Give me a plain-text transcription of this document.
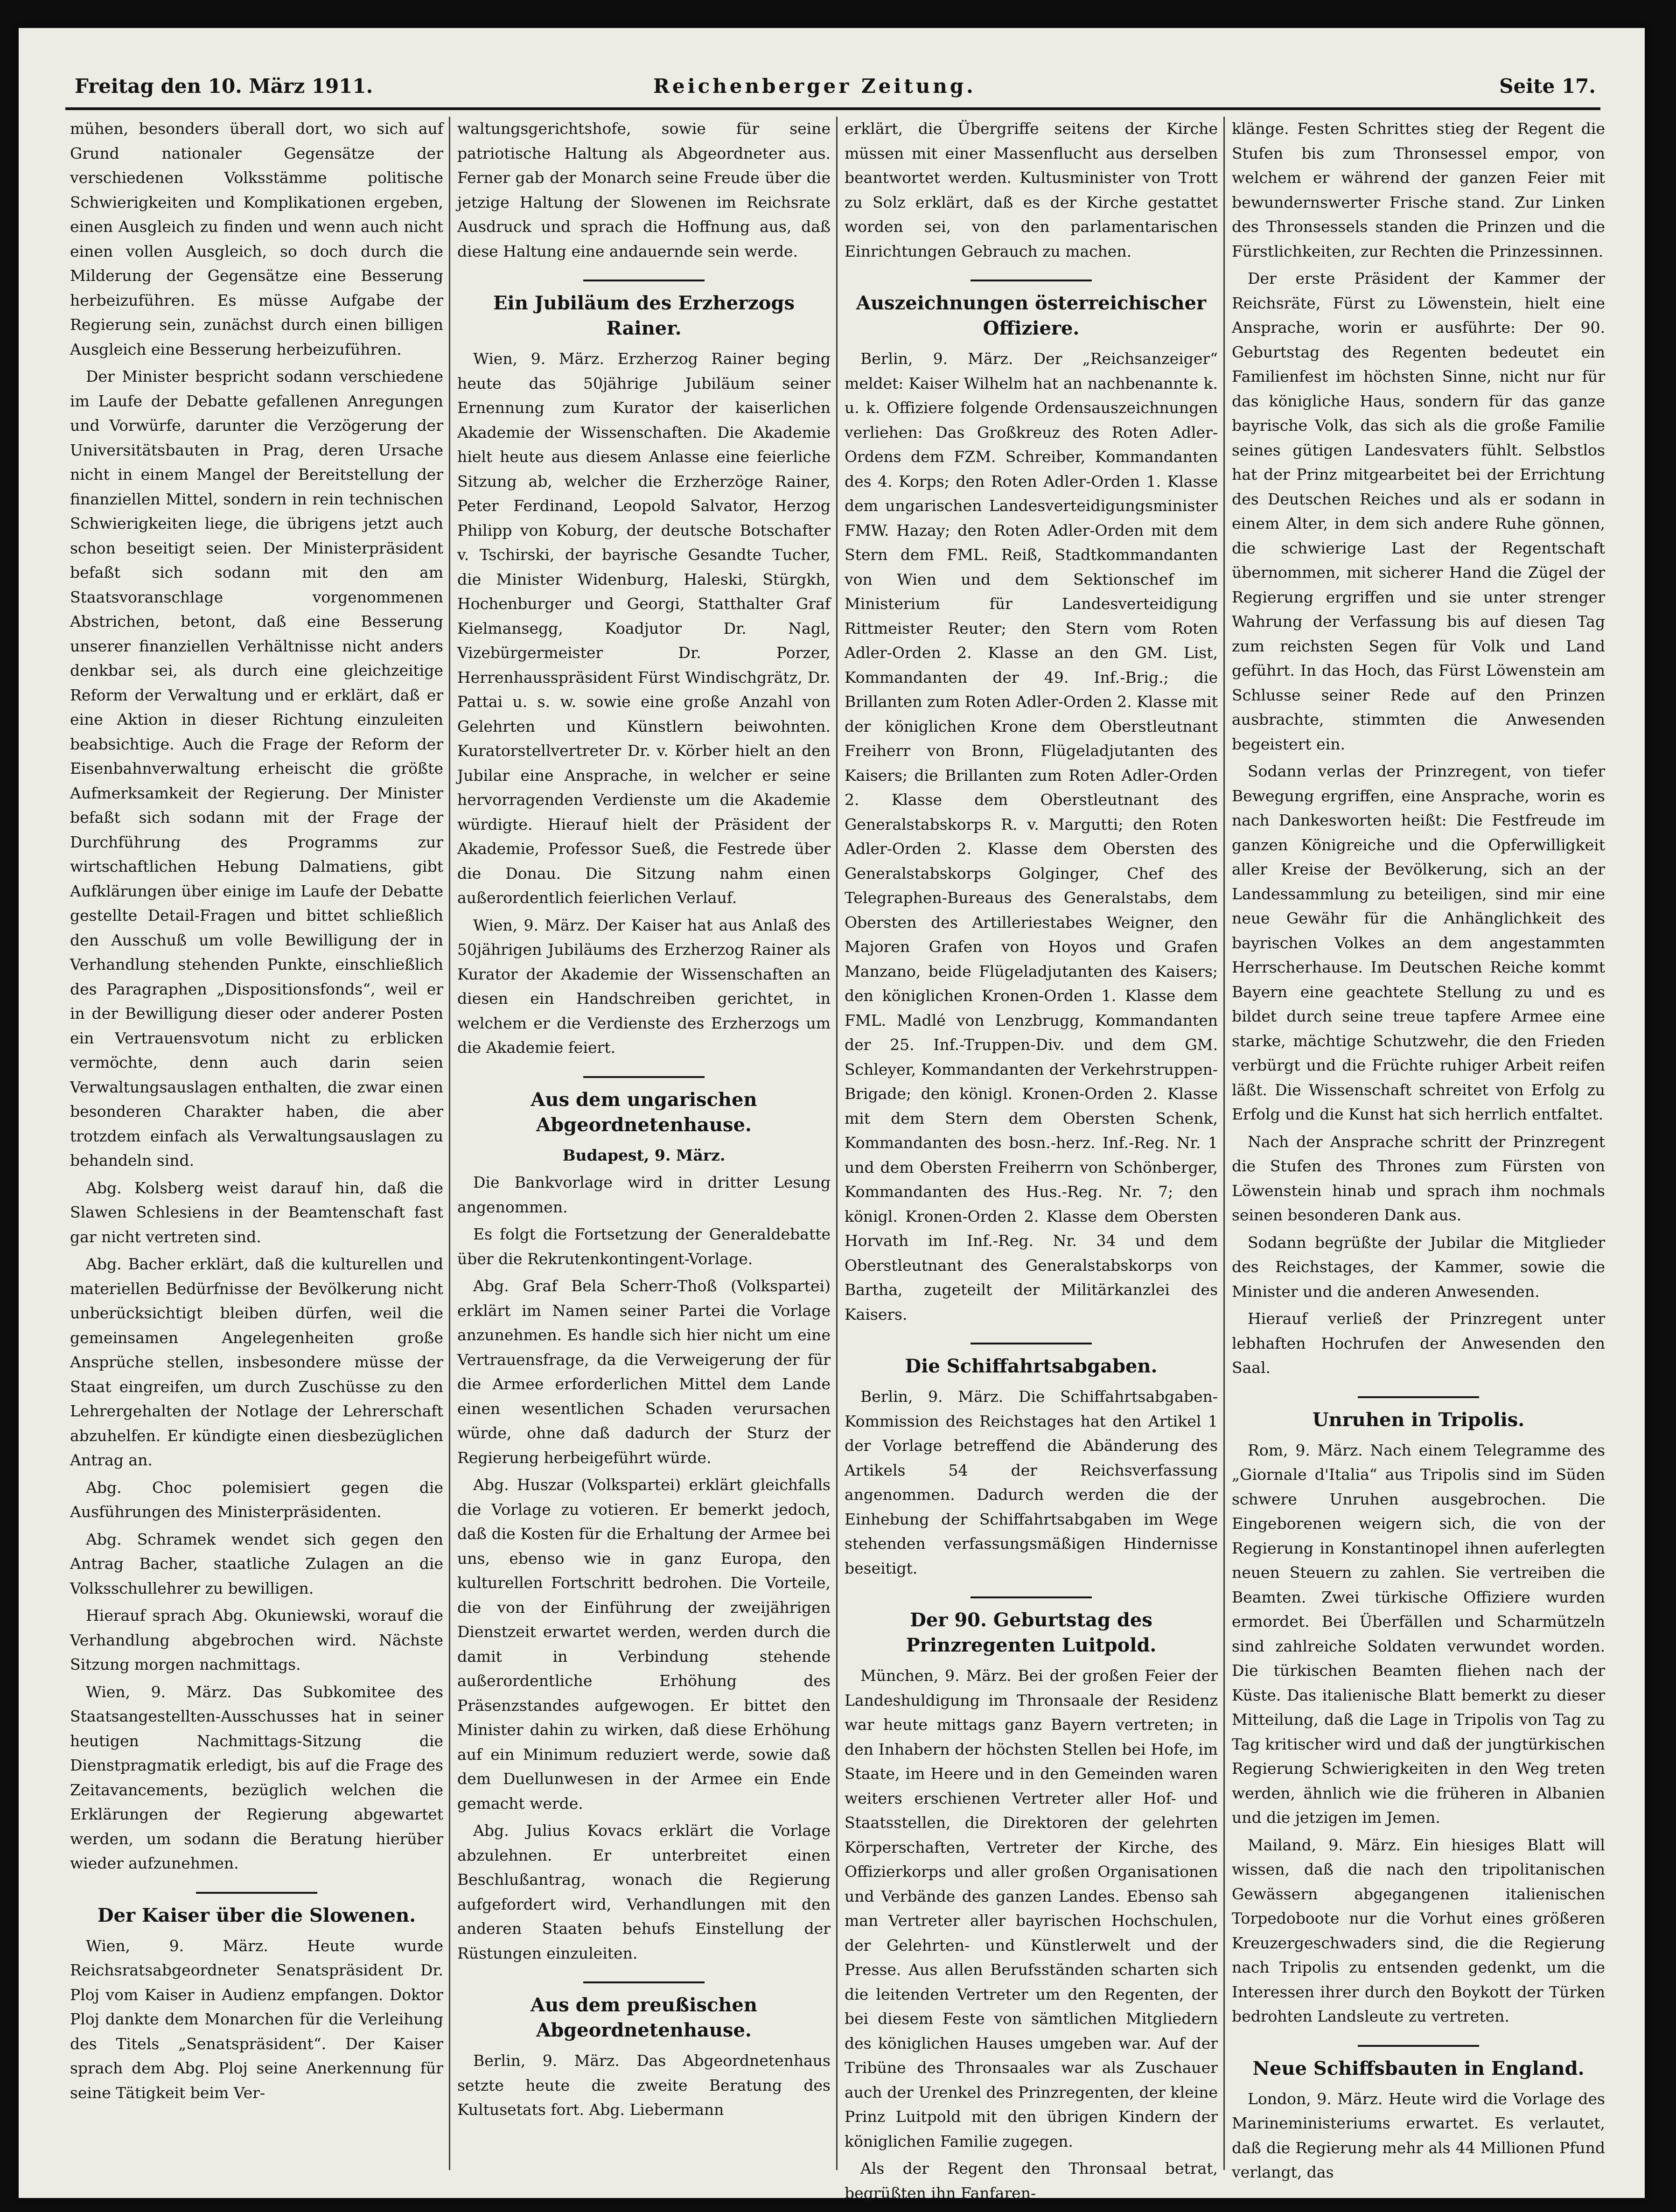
Freitag den 10. März 1911.	Reichenberger Zeitung.	Seite 17.

mühen, besonders überall dort, wo sich auf Grund nationaler Gegensätze der verschiedenen Volksstämme politische Schwierigkeiten und Komplikationen ergeben, einen Ausgleich zu finden und wenn auch nicht einen vollen Ausgleich, so doch durch die Milderung der Gegensätze eine Besserung herbeizuführen. Es müsse Aufgabe der Regierung sein, zunächst durch einen billigen Ausgleich eine Besserung herbeizuführen.

Der Minister bespricht sodann verschiedene im Laufe der Debatte gefallenen Anregungen und Vorwürfe, darunter die Verzögerung der Universitätsbauten in Prag, deren Ursache nicht in einem Mangel der Bereitstellung der finanziellen Mittel, sondern in rein technischen Schwierigkeiten liege, die übrigens jetzt auch schon beseitigt seien. Der Ministerpräsident befaßt sich sodann mit den am Staatsvoranschlage vorgenommenen Abstrichen, betont, daß eine Besserung unserer finanziellen Verhältnisse nicht anders denkbar sei, als durch eine gleichzeitige Reform der Verwaltung und er erklärt, daß er eine Aktion in dieser Richtung einzuleiten beabsichtige. Auch die Frage der Reform der Eisenbahnverwaltung erheischt die größte Aufmerksamkeit der Regierung. Der Minister befaßt sich sodann mit der Frage der Durchführung des Programms zur wirtschaftlichen Hebung Dalmatiens, gibt Aufklärungen über einige im Laufe der Debatte gestellte Detail-Fragen und bittet schließlich den Ausschuß um volle Bewilligung der in Verhandlung stehenden Punkte, einschließlich des Paragraphen „Dispositionsfonds“, weil er in der Bewilligung dieser oder anderer Posten ein Vertrauensvotum nicht zu erblicken vermöchte, denn auch darin seien Verwaltungsauslagen enthalten, die zwar einen besonderen Charakter haben, die aber trotzdem einfach als Verwaltungsauslagen zu behandeln sind.

Abg. Kolsberg weist darauf hin, daß die Slawen Schlesiens in der Beamtenschaft fast gar nicht vertreten sind.

Abg. Bacher erklärt, daß die kulturellen und materiellen Bedürfnisse der Bevölkerung nicht unberücksichtigt bleiben dürfen, weil die gemeinsamen Angelegenheiten große Ansprüche stellen, insbesondere müsse der Staat eingreifen, um durch Zuschüsse zu den Lehrergehalten der Notlage der Lehrerschaft abzuhelfen. Er kündigte einen diesbezüglichen Antrag an.

Abg. Choc polemisiert gegen die Ausführungen des Ministerpräsidenten.

Abg. Schramek wendet sich gegen den Antrag Bacher, staatliche Zulagen an die Volksschullehrer zu bewilligen.

Hierauf sprach Abg. Okuniewski, worauf die Verhandlung abgebrochen wird. Nächste Sitzung morgen nachmittags.

Wien, 9. März. Das Subkomitee des Staatsangestellten-Ausschusses hat in seiner heutigen Nachmittags-Sitzung die Dienstpragmatik erledigt, bis auf die Frage des Zeitavancements, bezüglich welchen die Erklärungen der Regierung abgewartet werden, um sodann die Beratung hierüber wieder aufzunehmen.

Der Kaiser über die Slowenen.

Wien, 9. März. Heute wurde Reichsratsabgeordneter Senatspräsident Dr. Ploj vom Kaiser in Audienz empfangen. Doktor Ploj dankte dem Monarchen für die Verleihung des Titels „Senatspräsident“. Der Kaiser sprach dem Abg. Ploj seine Anerkennung für seine Tätigkeit beim Ver-

waltungsgerichtshofe, sowie für seine patriotische Haltung als Abgeordneter aus. Ferner gab der Monarch seine Freude über die jetzige Haltung der Slowenen im Reichsrate Ausdruck und sprach die Hoffnung aus, daß diese Haltung eine andauernde sein werde.

Ein Jubiläum des Erzherzogs Rainer.

Wien, 9. März. Erzherzog Rainer beging heute das 50jährige Jubiläum seiner Ernennung zum Kurator der kaiserlichen Akademie der Wissenschaften. Die Akademie hielt heute aus diesem Anlasse eine feierliche Sitzung ab, welcher die Erzherzöge Rainer, Peter Ferdinand, Leopold Salvator, Herzog Philipp von Koburg, der deutsche Botschafter v. Tschirski, der bayrische Gesandte Tucher, die Minister Widenburg, Haleski, Stürgkh, Hochenburger und Georgi, Statthalter Graf Kielmansegg, Koadjutor Dr. Nagl, Vizebürgermeister Dr. Porzer, Herrenhausspräsident Fürst Windischgrätz, Dr. Pattai u. s. w. sowie eine große Anzahl von Gelehrten und Künstlern beiwohnten. Kuratorstellvertreter Dr. v. Körber hielt an den Jubilar eine Ansprache, in welcher er seine hervorragenden Verdienste um die Akademie würdigte. Hierauf hielt der Präsident der Akademie, Professor Sueß, die Festrede über die Donau. Die Sitzung nahm einen außerordentlich feierlichen Verlauf.

Wien, 9. März. Der Kaiser hat aus Anlaß des 50jährigen Jubiläums des Erzherzog Rainer als Kurator der Akademie der Wissenschaften an diesen ein Handschreiben gerichtet, in welchem er die Verdienste des Erzherzogs um die Akademie feiert.

Aus dem ungarischen Abgeordnetenhause.

Budapest, 9. März.

Die Bankvorlage wird in dritter Lesung angenommen.

Es folgt die Fortsetzung der Generaldebatte über die Rekrutenkontingent-Vorlage.

Abg. Graf Bela Scherr-Thoß (Volkspartei) erklärt im Namen seiner Partei die Vorlage anzunehmen. Es handle sich hier nicht um eine Vertrauensfrage, da die Verweigerung der für die Armee erforderlichen Mittel dem Lande einen wesentlichen Schaden verursachen würde, ohne daß dadurch der Sturz der Regierung herbeigeführt würde.

Abg. Huszar (Volkspartei) erklärt gleichfalls die Vorlage zu votieren. Er bemerkt jedoch, daß die Kosten für die Erhaltung der Armee bei uns, ebenso wie in ganz Europa, den kulturellen Fortschritt bedrohen. Die Vorteile, die von der Einführung der zweijährigen Dienstzeit erwartet werden, werden durch die damit in Verbindung stehende außerordentliche Erhöhung des Präsenzstandes aufgewogen. Er bittet den Minister dahin zu wirken, daß diese Erhöhung auf ein Minimum reduziert werde, sowie daß dem Duellunwesen in der Armee ein Ende gemacht werde.

Abg. Julius Kovacs erklärt die Vorlage abzulehnen. Er unterbreitet einen Beschlußantrag, wonach die Regierung aufgefordert wird, Verhandlungen mit den anderen Staaten behufs Einstellung der Rüstungen einzuleiten.

Aus dem preußischen Abgeordnetenhause.

Berlin, 9. März. Das Abgeordnetenhaus setzte heute die zweite Beratung des Kultusetats fort. Abg. Liebermann

erklärt, die Übergriffe seitens der Kirche müssen mit einer Massenflucht aus derselben beantwortet werden. Kultusminister von Trott zu Solz erklärt, daß es der Kirche gestattet worden sei, von den parlamentarischen Einrichtungen Gebrauch zu machen.

Auszeichnungen österreichischer Offiziere.

Berlin, 9. März. Der „Reichsanzeiger“ meldet: Kaiser Wilhelm hat an nachbenannte k. u. k. Offiziere folgende Ordensauszeichnungen verliehen: Das Großkreuz des Roten Adler-Ordens dem FZM. Schreiber, Kommandanten des 4. Korps; den Roten Adler-Orden 1. Klasse dem ungarischen Landesverteidigungsminister FMW. Hazay; den Roten Adler-Orden mit dem Stern dem FML. Reiß, Stadtkommandanten von Wien und dem Sektionschef im Ministerium für Landesverteidigung Rittmeister Reuter; den Stern vom Roten Adler-Orden 2. Klasse an den GM. List, Kommandanten der 49. Inf.-Brig.; die Brillanten zum Roten Adler-Orden 2. Klasse mit der königlichen Krone dem Oberstleutnant Freiherr von Bronn, Flügeladjutanten des Kaisers; die Brillanten zum Roten Adler-Orden 2. Klasse dem Oberstleutnant des Generalstabskorps R. v. Margutti; den Roten Adler-Orden 2. Klasse dem Obersten des Generalstabskorps Golginger, Chef des Telegraphen-Bureaus des Generalstabs, dem Obersten des Artilleriestabes Weigner, den Majoren Grafen von Hoyos und Grafen Manzano, beide Flügeladjutanten des Kaisers; den königlichen Kronen-Orden 1. Klasse dem FML. Madlé von Lenzbrugg, Kommandanten der 25. Inf.-Truppen-Div. und dem GM. Schleyer, Kommandanten der Verkehrstruppen-Brigade; den königl. Kronen-Orden 2. Klasse mit dem Stern dem Obersten Schenk, Kommandanten des bosn.-herz. Inf.-Reg. Nr. 1 und dem Obersten Freiherrn von Schönberger, Kommandanten des Hus.-Reg. Nr. 7; den königl. Kronen-Orden 2. Klasse dem Obersten Horvath im Inf.-Reg. Nr. 34 und dem Oberstleutnant des Generalstabskorps von Bartha, zugeteilt der Militärkanzlei des Kaisers.

Die Schiffahrtsabgaben.

Berlin, 9. März. Die Schiffahrtsabgaben-Kommission des Reichstages hat den Artikel 1 der Vorlage betreffend die Abänderung des Artikels 54 der Reichsverfassung angenommen. Dadurch werden die der Einhebung der Schiffahrtsabgaben im Wege stehenden verfassungsmäßigen Hindernisse beseitigt.

Der 90. Geburtstag des Prinzregenten Luitpold.

München, 9. März. Bei der großen Feier der Landeshuldigung im Thronsaale der Residenz war heute mittags ganz Bayern vertreten; in den Inhabern der höchsten Stellen bei Hofe, im Staate, im Heere und in den Gemeinden waren weiters erschienen Vertreter aller Hof- und Staatsstellen, die Direktoren der gelehrten Körperschaften, Vertreter der Kirche, des Offizierkorps und aller großen Organisationen und Verbände des ganzen Landes. Ebenso sah man Vertreter aller bayrischen Hochschulen, der Gelehrten- und Künstlerwelt und der Presse. Aus allen Berufsständen scharten sich die leitenden Vertreter um den Regenten, der bei diesem Feste von sämtlichen Mitgliedern des königlichen Hauses umgeben war. Auf der Tribüne des Thronsaales war als Zuschauer auch der Urenkel des Prinzregenten, der kleine Prinz Luitpold mit den übrigen Kindern der königlichen Familie zugegen.

Als der Regent den Thronsaal betrat, begrüßten ihn Fanfaren-

klänge. Festen Schrittes stieg der Regent die Stufen bis zum Thronsessel empor, von welchem er während der ganzen Feier mit bewundernswerter Frische stand. Zur Linken des Thronsessels standen die Prinzen und die Fürstlichkeiten, zur Rechten die Prinzessinnen.

Der erste Präsident der Kammer der Reichsräte, Fürst zu Löwenstein, hielt eine Ansprache, worin er ausführte: Der 90. Geburtstag des Regenten bedeutet ein Familienfest im höchsten Sinne, nicht nur für das königliche Haus, sondern für das ganze bayrische Volk, das sich als die große Familie seines gütigen Landesvaters fühlt. Selbstlos hat der Prinz mitgearbeitet bei der Errichtung des Deutschen Reiches und als er sodann in einem Alter, in dem sich andere Ruhe gönnen, die schwierige Last der Regentschaft übernommen, mit sicherer Hand die Zügel der Regierung ergriffen und sie unter strenger Wahrung der Verfassung bis auf diesen Tag zum reichsten Segen für Volk und Land geführt. In das Hoch, das Fürst Löwenstein am Schlusse seiner Rede auf den Prinzen ausbrachte, stimmten die Anwesenden begeistert ein.

Sodann verlas der Prinzregent, von tiefer Bewegung ergriffen, eine Ansprache, worin es nach Dankesworten heißt: Die Festfreude im ganzen Königreiche und die Opferwilligkeit aller Kreise der Bevölkerung, sich an der Landessammlung zu beteiligen, sind mir eine neue Gewähr für die Anhänglichkeit des bayrischen Volkes an dem angestammten Herrscherhause. Im Deutschen Reiche kommt Bayern eine geachtete Stellung zu und es bildet durch seine treue tapfere Armee eine starke, mächtige Schutzwehr, die den Frieden verbürgt und die Früchte ruhiger Arbeit reifen läßt. Die Wissenschaft schreitet von Erfolg zu Erfolg und die Kunst hat sich herrlich entfaltet.

Nach der Ansprache schritt der Prinzregent die Stufen des Thrones zum Fürsten von Löwenstein hinab und sprach ihm nochmals seinen besonderen Dank aus.

Sodann begrüßte der Jubilar die Mitglieder des Reichstages, der Kammer, sowie die Minister und die anderen Anwesenden.

Hierauf verließ der Prinzregent unter lebhaften Hochrufen der Anwesenden den Saal.

Unruhen in Tripolis.

Rom, 9. März. Nach einem Telegramme des „Giornale d'Italia“ aus Tripolis sind im Süden schwere Unruhen ausgebrochen. Die Eingeborenen weigern sich, die von der Regierung in Konstantinopel ihnen auferlegten neuen Steuern zu zahlen. Sie vertreiben die Beamten. Zwei türkische Offiziere wurden ermordet. Bei Überfällen und Scharmützeln sind zahlreiche Soldaten verwundet worden. Die türkischen Beamten fliehen nach der Küste. Das italienische Blatt bemerkt zu dieser Mitteilung, daß die Lage in Tripolis von Tag zu Tag kritischer wird und daß der jungtürkischen Regierung Schwierigkeiten in den Weg treten werden, ähnlich wie die früheren in Albanien und die jetzigen im Jemen.

Mailand, 9. März. Ein hiesiges Blatt will wissen, daß die nach den tripolitanischen Gewässern abgegangenen italienischen Torpedoboote nur die Vorhut eines größeren Kreuzergeschwaders sind, die die Regierung nach Tripolis zu entsenden gedenkt, um die Interessen ihrer durch den Boykott der Türken bedrohten Landsleute zu vertreten.

Neue Schiffsbauten in England.

London, 9. März. Heute wird die Vorlage des Marineministeriums erwartet. Es verlautet, daß die Regierung mehr als 44 Millionen Pfund verlangt, das
